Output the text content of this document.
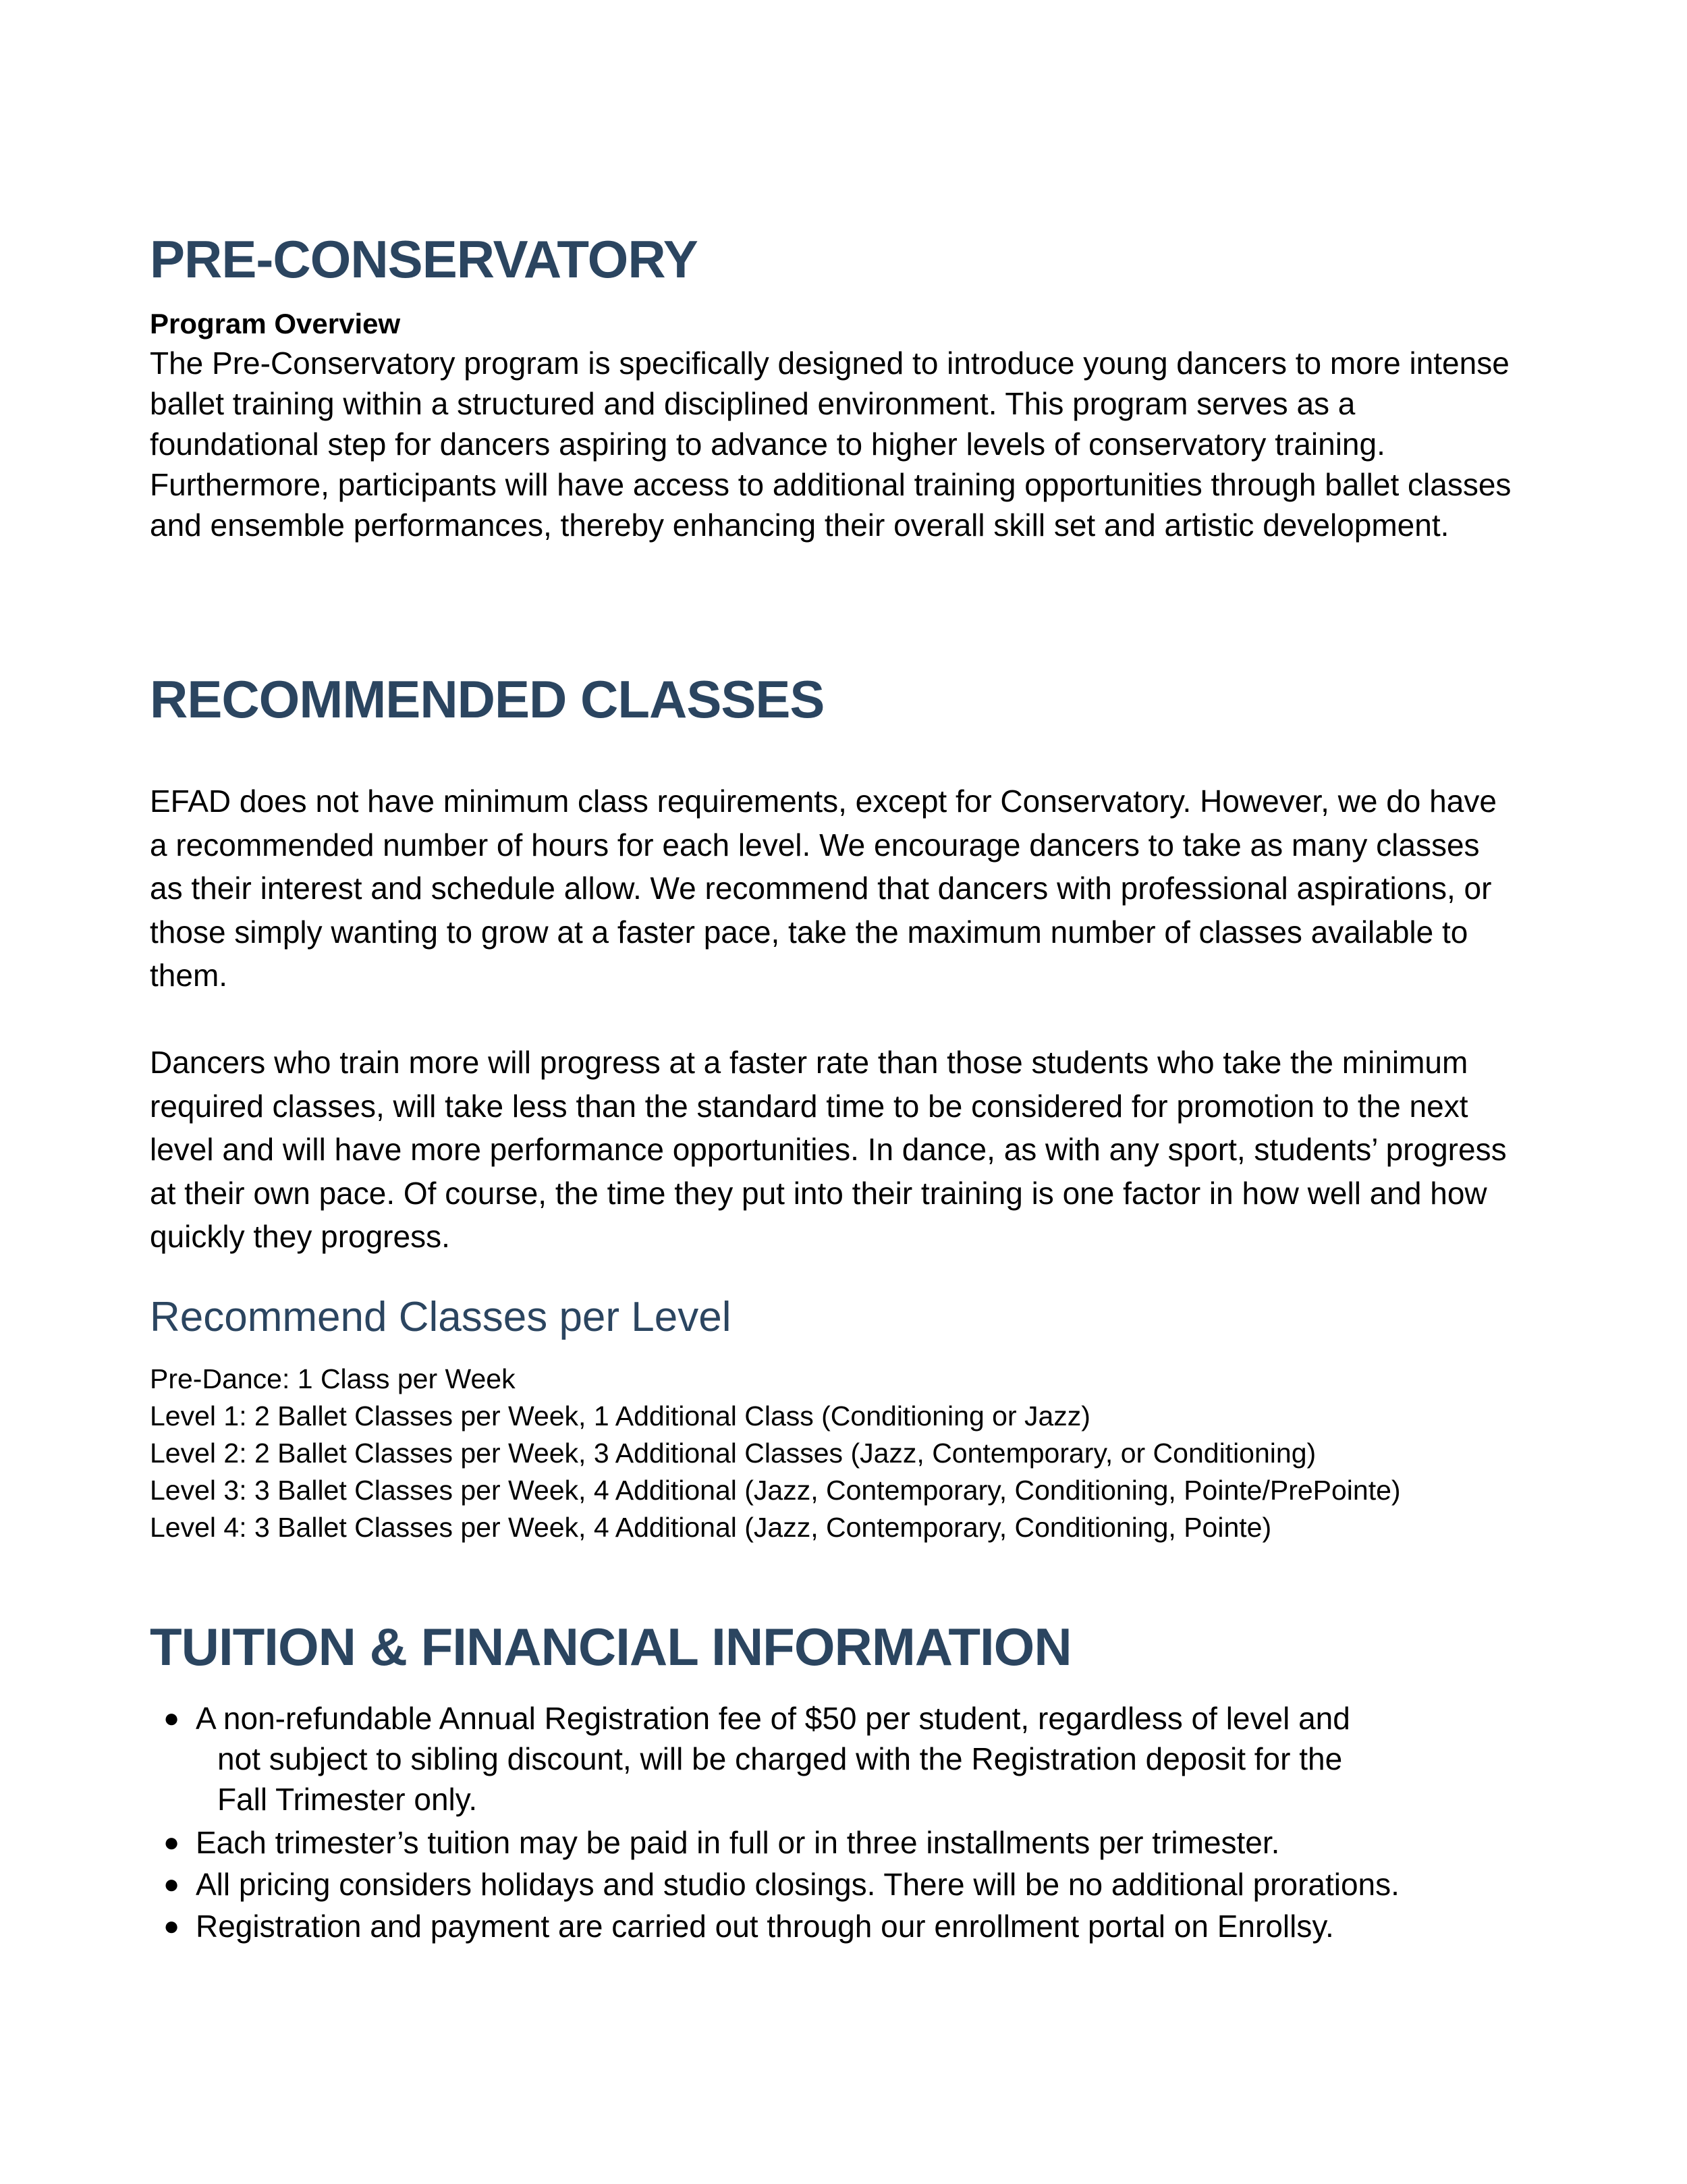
PRE-CONSERVATORY
Program Overview
The Pre-Conservatory program is specifically designed to introduce young dancers to more intense ballet training within a structured and disciplined environment. This program serves as a foundational step for dancers aspiring to advance to higher levels of conservatory training. Furthermore, participants will have access to additional training opportunities through ballet classes and ensemble performances, thereby enhancing their overall skill set and artistic development.
RECOMMENDED CLASSES
EFAD does not have minimum class requirements, except for Conservatory. However, we do have a recommended number of hours for each level. We encourage dancers to take as many classes as their interest and schedule allow. We recommend that dancers with professional aspirations, or those simply wanting to grow at a faster pace, take the maximum number of classes available to them.
Dancers who train more will progress at a faster rate than those students who take the minimum required classes, will take less than the standard time to be considered for promotion to the next level and will have more performance opportunities. In dance, as with any sport, students’ progress at their own pace. Of course, the time they put into their training is one factor in how well and how quickly they progress.
Recommend Classes per Level
Pre-Dance: 1 Class per Week
Level 1: 2 Ballet Classes per Week, 1 Additional Class (Conditioning or Jazz)
Level 2: 2 Ballet Classes per Week, 3 Additional Classes (Jazz, Contemporary, or Conditioning)
Level 3: 3 Ballet Classes per Week, 4 Additional (Jazz, Contemporary, Conditioning, Pointe/PrePointe)
Level 4: 3 Ballet Classes per Week, 4 Additional (Jazz, Contemporary, Conditioning, Pointe)
TUITION & FINANCIAL INFORMATION
● A non-refundable Annual Registration fee of $50 per student, regardless of level and
not subject to sibling discount, will be charged with the Registration deposit for the
Fall Trimester only.
● Each trimester’s tuition may be paid in full or in three installments per trimester.
● All pricing considers holidays and studio closings. There will be no additional prorations.
● Registration and payment are carried out through our enrollment portal on Enrollsy.
